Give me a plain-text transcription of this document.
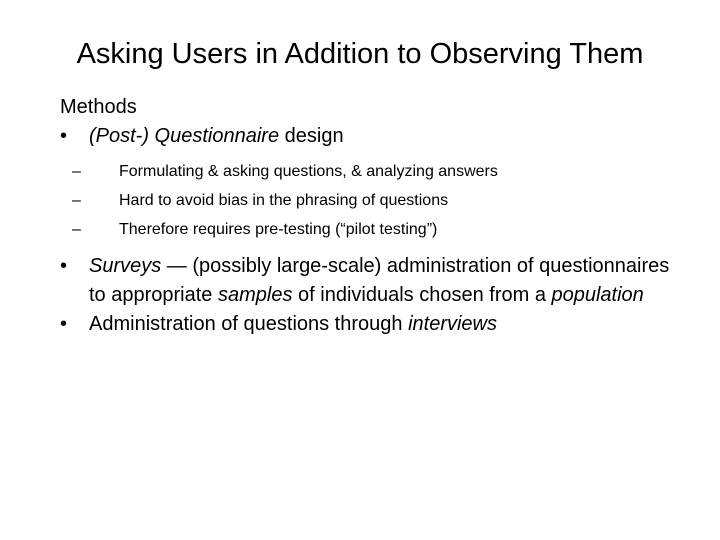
Asking Users in Addition to Observing Them

Methods

• (Post-) Questionnaire design

– Formulating & asking questions, & analyzing answers

– Hard to avoid bias in the phrasing of questions

– Therefore requires pre-testing (“pilot testing”)

• Surveys — (possibly large-scale) administration of questionnaires to appropriate samples of individuals chosen from a population

• Administration of questions through interviews
